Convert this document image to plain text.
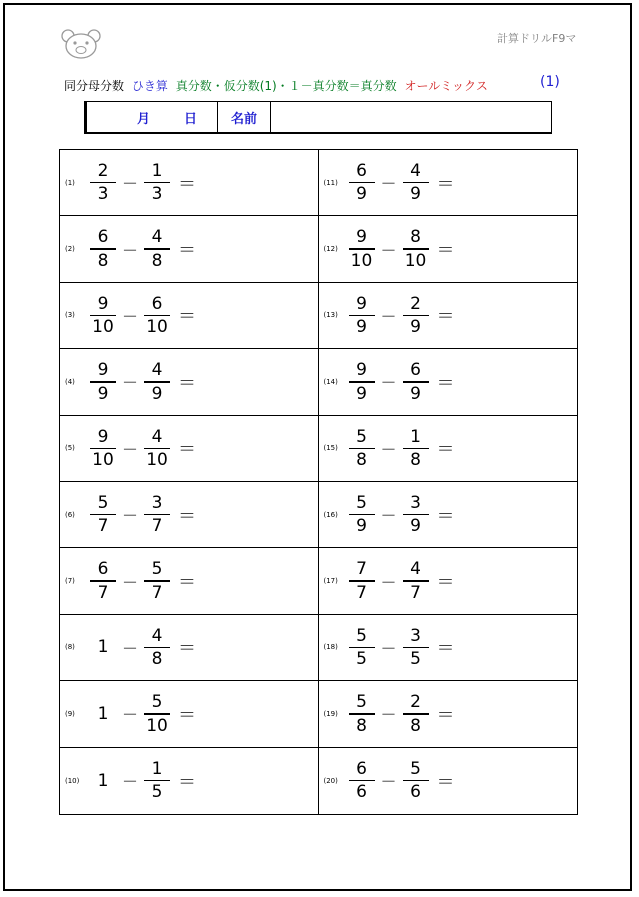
計算ドリルF9マ
同分母分数 ひき算 真分数・仮分数(1)・１－真分数＝真分数 オールミックス	(1)
月	日	名前
$(1) \frac{2}{3} - \frac{1}{3}$ ＝	$(11) \frac{6}{9} - \frac{4}{9}$ ＝
$(2) \frac{6}{8} - \frac{4}{8}$ ＝	$(12) \frac{9}{10} - \frac{8}{10}$ ＝
$(3) \frac{9}{10} - \frac{6}{10}$ ＝	$(13) \frac{9}{9} - \frac{2}{9}$ ＝
$(4) \frac{9}{9} - \frac{4}{9}$ ＝	$(14) \frac{9}{9} - \frac{6}{9}$ ＝
$(5) \frac{9}{10} - \frac{4}{10}$ ＝	$(15) \frac{5}{8} - \frac{1}{8}$ ＝
$(6) \frac{5}{7} - \frac{3}{7}$ ＝	$(16) \frac{5}{9} - \frac{3}{9}$ ＝
$(7) \frac{6}{7} - \frac{5}{7}$ ＝	$(17) \frac{7}{7} - \frac{4}{7}$ ＝
(8)	$1 - \frac{4}{8}$ ＝	$(18) \frac{5}{5} - \frac{3}{5}$ ＝
(9)	$1 - \frac{5}{10}$ ＝	$(19) \frac{5}{8} - \frac{2}{8}$ ＝
(10)	$1 - \frac{1}{5}$ ＝	$(20) \frac{6}{6} - \frac{5}{6}$ ＝
